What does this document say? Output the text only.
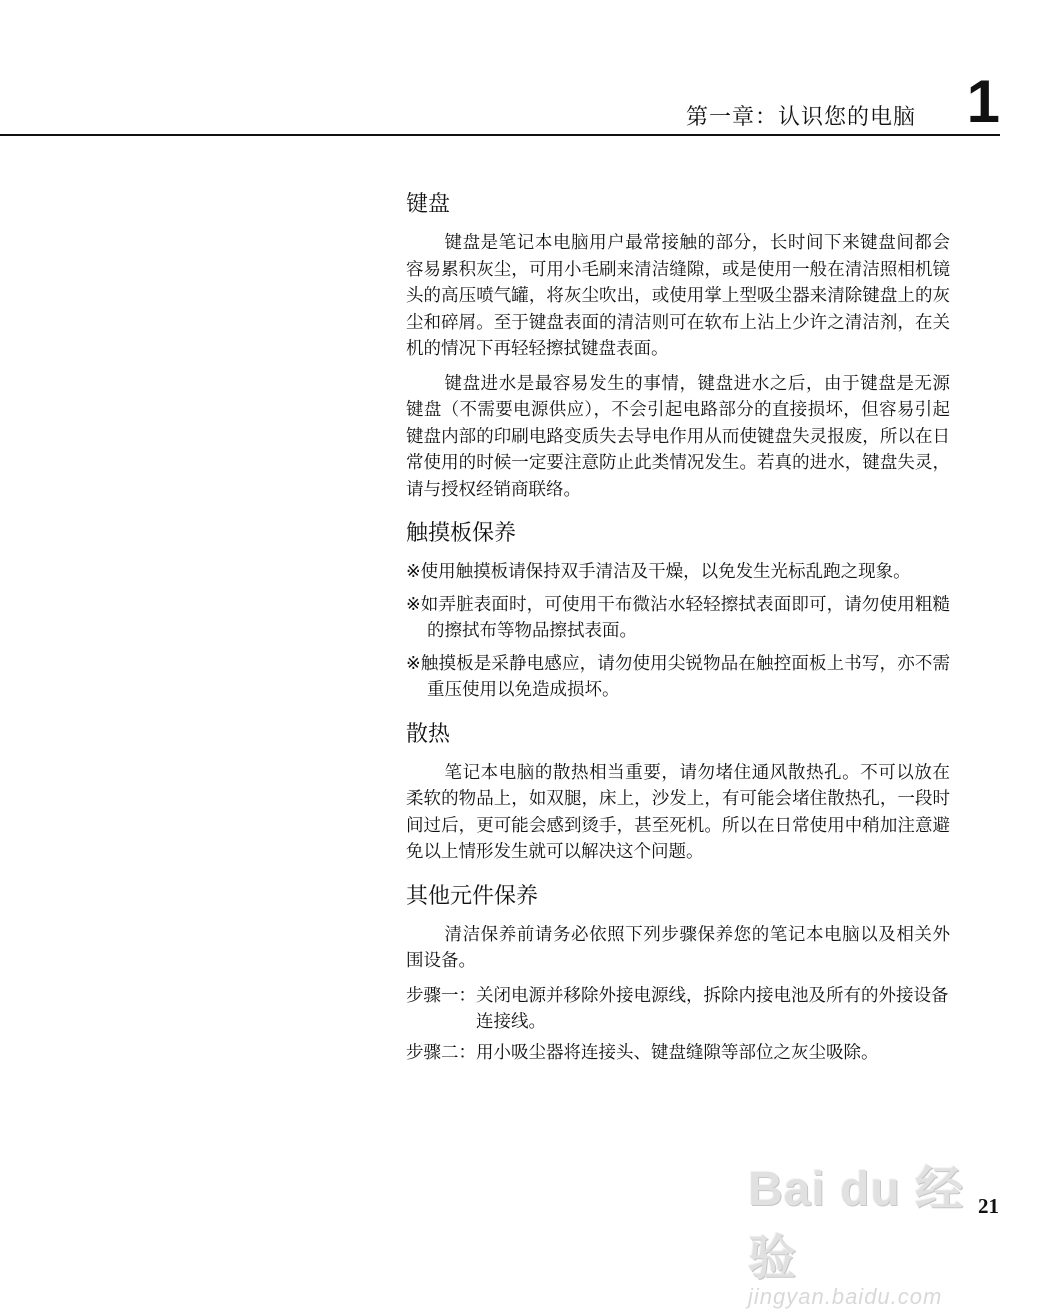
第一章：认识您的电脑 1
键盘

键盘是笔记本电脑用户最常接触的部分，长时间下来键盘间都会容易累积灰尘，可用小毛刷来清洁缝隙，或是使用一般在清洁照相机镜头的高压喷气罐，将灰尘吹出，或使用掌上型吸尘器来清除键盘上的灰尘和碎屑。至于键盘表面的清洁则可在软布上沾上少许之清洁剂，在关机的情况下再轻轻擦拭键盘表面。

键盘进水是最容易发生的事情，键盘进水之后，由于键盘是无源键盘（不需要电源供应），不会引起电路部分的直接损坏，但容易引起键盘内部的印刷电路变质失去导电作用从而使键盘失灵报废，所以在日常使用的时候一定要注意防止此类情况发生。若真的进水，键盘失灵，请与授权经销商联络。

触摸板保养
※使用触摸板请保持双手清洁及干燥，以免发生光标乱跑之现象。
※如弄脏表面时，可使用干布微沾水轻轻擦拭表面即可，请勿使用粗糙的擦拭布等物品擦拭表面。
※触摸板是采静电感应，请勿使用尖锐物品在触控面板上书写，亦不需重压使用以免造成损坏。
散热

笔记本电脑的散热相当重要，请勿堵住通风散热孔。不可以放在柔软的物品上，如双腿，床上，沙发上，有可能会堵住散热孔，一段时间过后，更可能会感到烫手，甚至死机。所以在日常使用中稍加注意避免以上情形发生就可以解决这个问题。

其他元件保养

清洁保养前请务必依照下列步骤保养您的笔记本电脑以及相关外围设备。

步骤一： 关闭电源并移除外接电源线，拆除内接电池及所有的外接设备连接线。
步骤二： 用小吸尘器将连接头、键盘缝隙等部位之灰尘吸除。
Bai du 经验
jingyan.baidu.com
21
